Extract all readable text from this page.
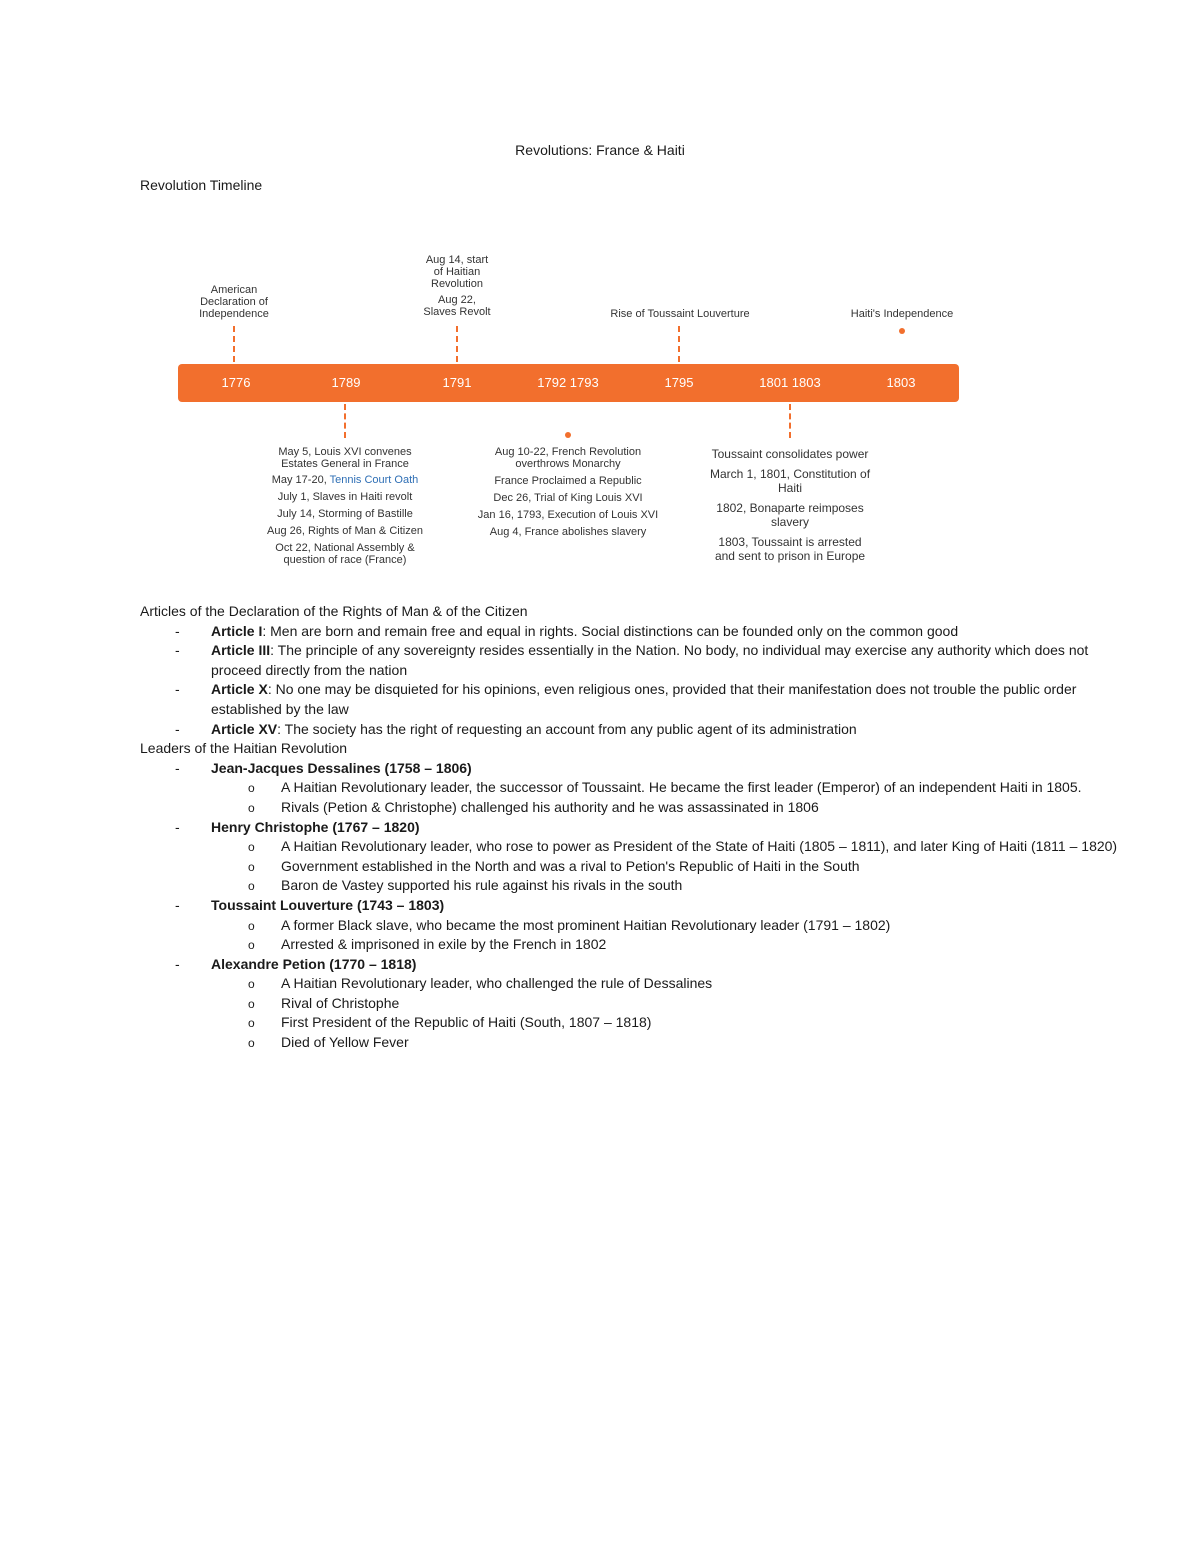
Revolutions: France & Haiti
Revolution Timeline
American
Declaration of
Independence
Aug 14, start
of Haitian
Revolution
Aug 22,
Slaves Revolt	Rise of Toussaint Louverture	Haiti's Independence
1776	1789	1791	1792 1793	1795	1801 1803	1803
May 5, Louis XVI convenes
Estates General in France
May 17-20, Tennis Court Oath
July 1, Slaves in Haiti revolt
July 14, Storming of Bastille
Aug 26, Rights of Man & Citizen
Oct 22, National Assembly &
question of race (France)
Aug 10-22, French Revolution
overthrows Monarchy
France Proclaimed a Republic
Dec 26, Trial of King Louis XVI
Jan 16, 1793, Execution of Louis XVI
Aug 4, France abolishes slavery

Toussaint consolidates power

March 1, 1801, Constitution of
Haiti
1802, Bonaparte reimposes
slavery
1803, Toussaint is arrested
and sent to prison in Europe
Articles of the Declaration of the Rights of Man & of the Citizen
- Article I: Men are born and remain free and equal in rights. Social distinctions can be founded only on the common good
- Article III: The principle of any sovereignty resides essentially in the Nation. No body, no individual may exercise any authority which does not proceed directly from the nation
- Article X: No one may be disquieted for his opinions, even religious ones, provided that their manifestation does not trouble the public order established by the law
- Article XV: The society has the right of requesting an account from any public agent of its administration
Leaders of the Haitian Revolution
- Jean-Jacques Dessalines (1758 – 1806)
o A Haitian Revolutionary leader, the successor of Toussaint. He became the first leader (Emperor) of an independent Haiti in 1805.
o Rivals (Petion & Christophe) challenged his authority and he was assassinated in 1806
- Henry Christophe (1767 – 1820)
o A Haitian Revolutionary leader, who rose to power as President of the State of Haiti (1805 – 1811), and later King of Haiti (1811 – 1820)
o Government established in the North and was a rival to Petion's Republic of Haiti in the South
o Baron de Vastey supported his rule against his rivals in the south
- Toussaint Louverture (1743 – 1803)
o A former Black slave, who became the most prominent Haitian Revolutionary leader (1791 – 1802)
o Arrested & imprisoned in exile by the French in 1802
- Alexandre Petion (1770 – 1818)
o A Haitian Revolutionary leader, who challenged the rule of Dessalines
o Rival of Christophe
o First President of the Republic of Haiti (South, 1807 – 1818)
o Died of Yellow Fever
